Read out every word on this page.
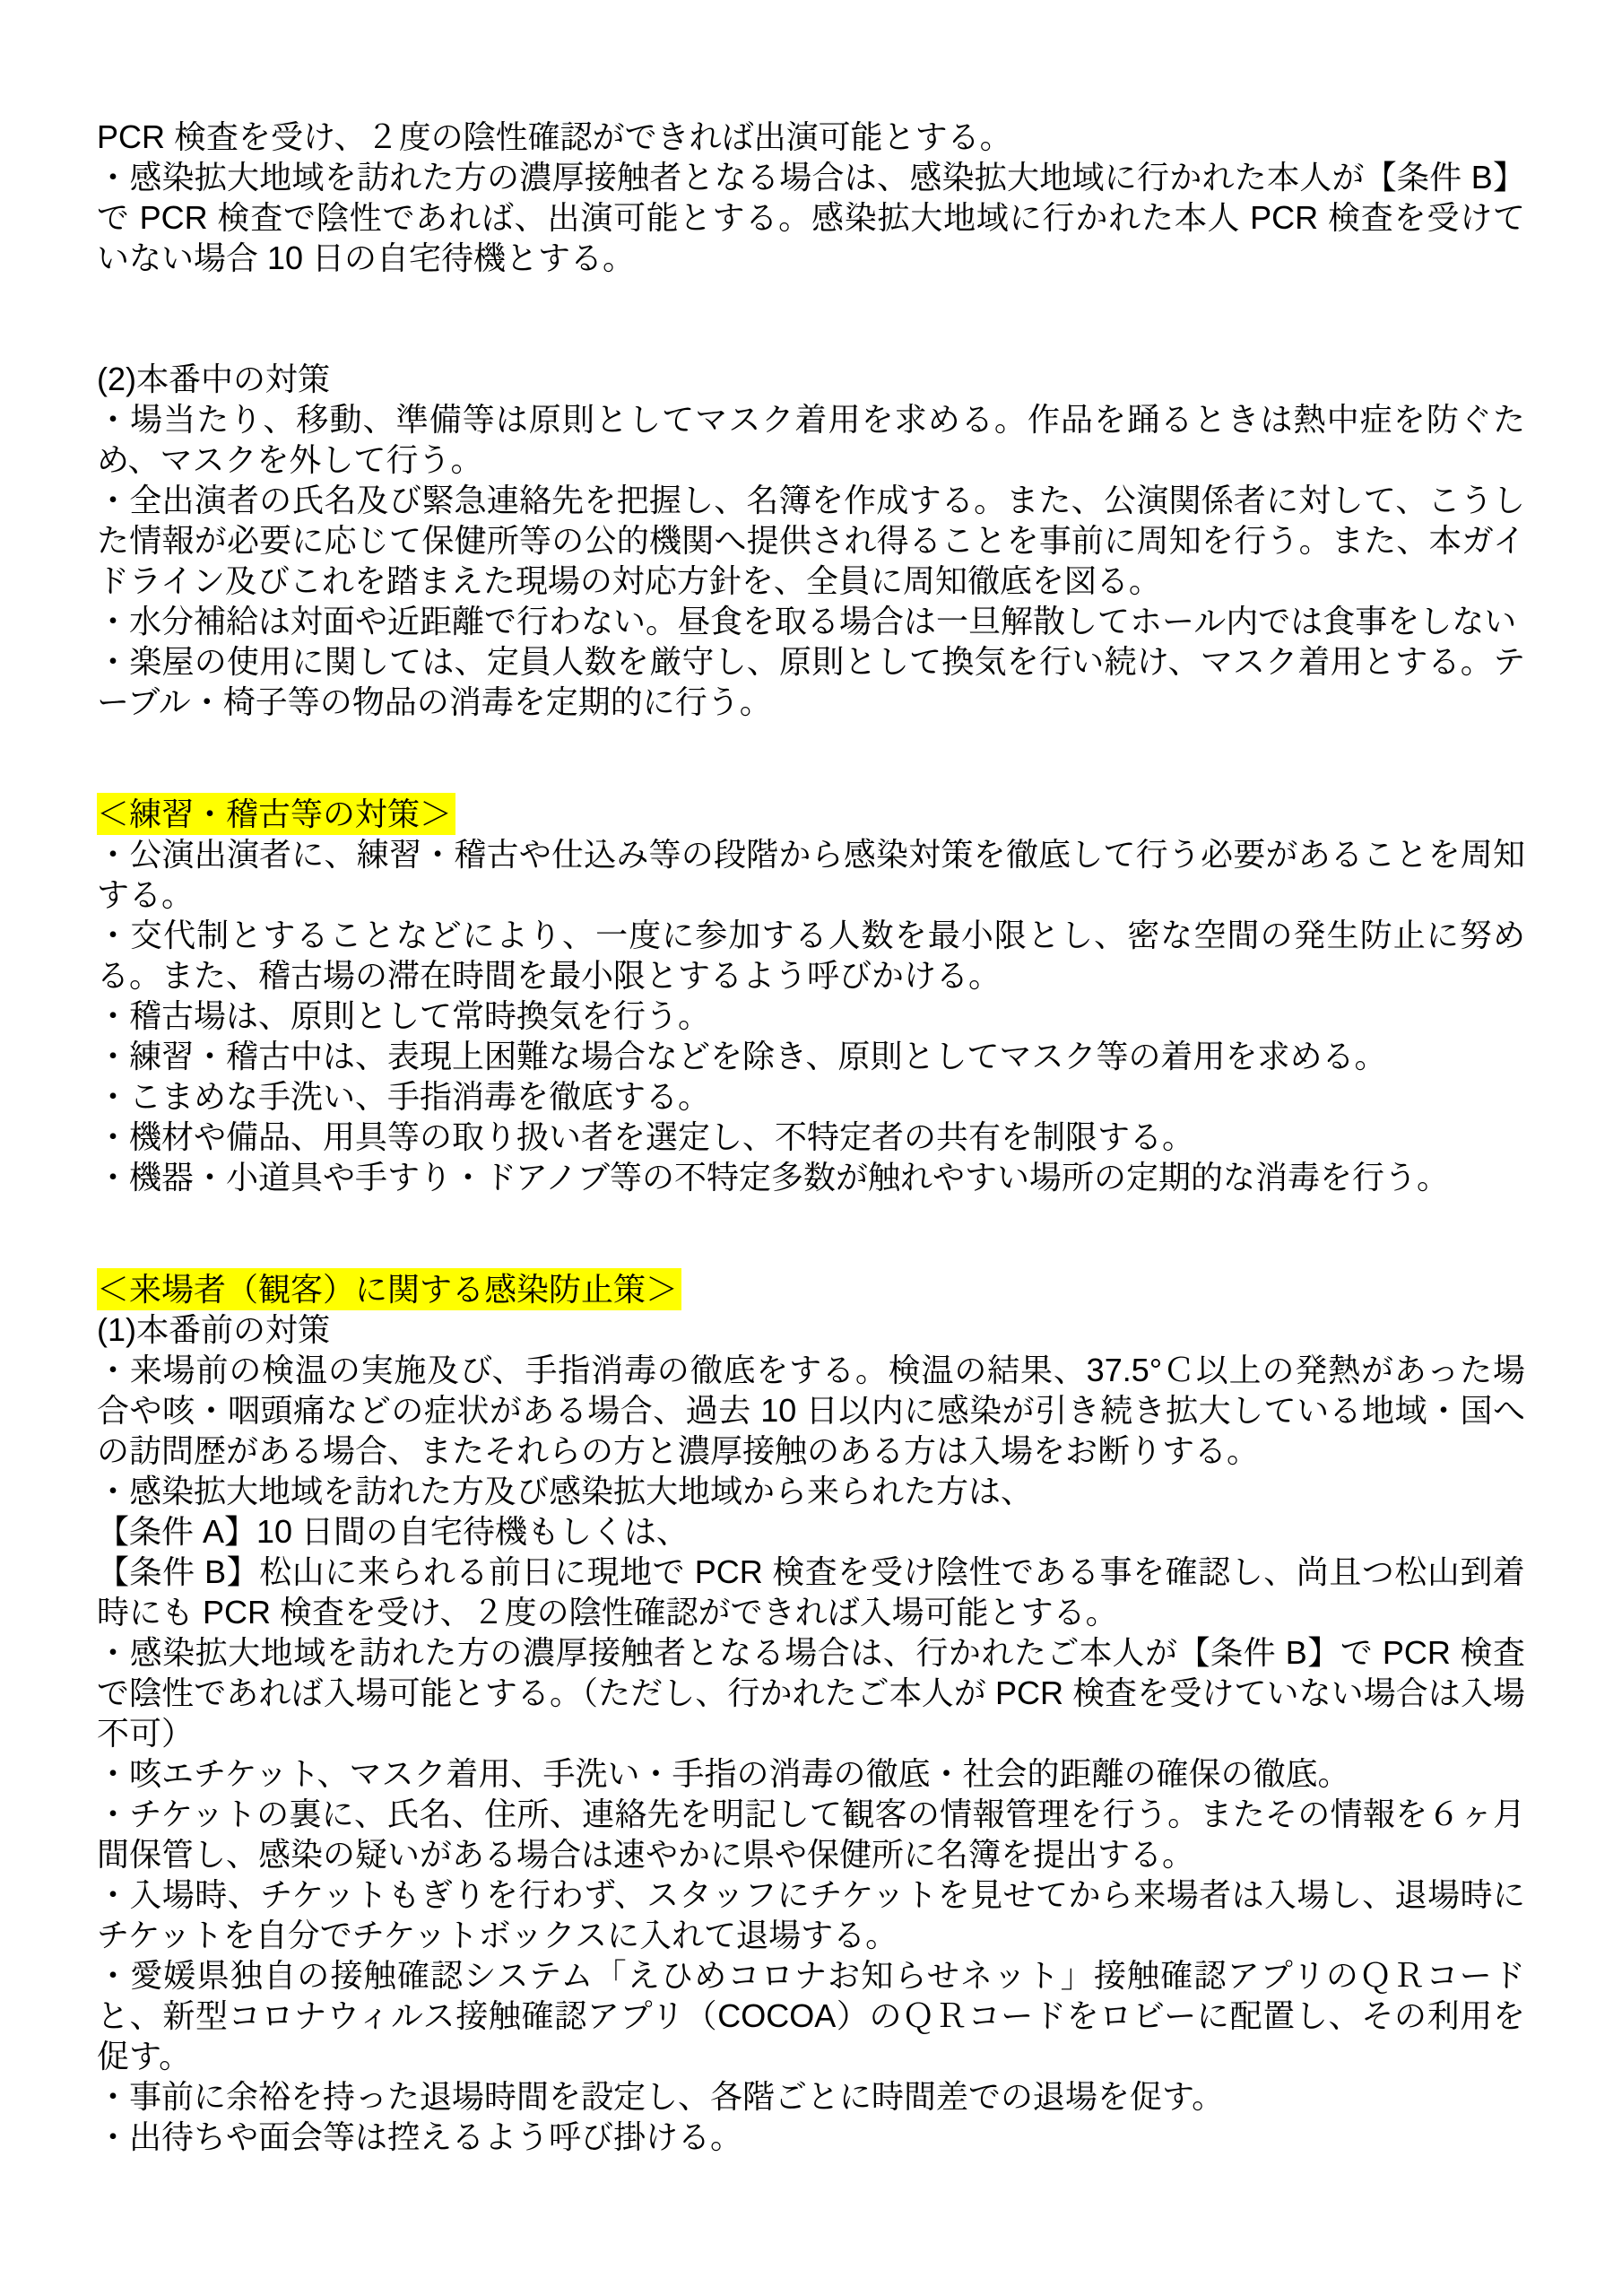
PCR 検査を受け、２度の陰性確認ができれば出演可能とする。

・感染拡大地域を訪れた方の濃厚接触者となる場合は、感染拡大地域に行かれた本人が【条件 B】で PCR 検査で陰性であれば、出演可能とする。感染拡大地域に行かれた本人 PCR 検査を受けていない場合 10 日の自宅待機とする。

(2)本番中の対策

・場当たり、移動、準備等は原則としてマスク着用を求める。作品を踊るときは熱中症を防ぐため、マスクを外して行う。

・全出演者の氏名及び緊急連絡先を把握し、名簿を作成する。また、公演関係者に対して、こうした情報が必要に応じて保健所等の公的機関へ提供され得ることを事前に周知を行う。また、本ガイドライン及びこれを踏まえた現場の対応方針を、全員に周知徹底を図る。

・水分補給は対面や近距離で行わない。昼食を取る場合は一旦解散してホール内では食事をしない

・楽屋の使用に関しては、定員人数を厳守し、原則として換気を行い続け、マスク着用とする。テーブル・椅子等の物品の消毒を定期的に行う。

＜練習・稽古等の対策＞

・公演出演者に、練習・稽古や仕込み等の段階から感染対策を徹底して行う必要があることを周知する。

・交代制とすることなどにより、一度に参加する人数を最小限とし、密な空間の発生防止に努める。また、稽古場の滞在時間を最小限とするよう呼びかける。

・稽古場は、原則として常時換気を行う。

・練習・稽古中は、表現上困難な場合などを除き、原則としてマスク等の着用を求める。

・こまめな手洗い、手指消毒を徹底する。

・機材や備品、用具等の取り扱い者を選定し、不特定者の共有を制限する。

・機器・小道具や手すり・ドアノブ等の不特定多数が触れやすい場所の定期的な消毒を行う。

＜来場者（観客）に関する感染防止策＞

(1)本番前の対策

・来場前の検温の実施及び、手指消毒の徹底をする。検温の結果、37.5°Ｃ以上の発熱があった場合や咳・咽頭痛などの症状がある場合、過去 10 日以内に感染が引き続き拡大している地域・国への訪問歴がある場合、またそれらの方と濃厚接触のある方は入場をお断りする。

・感染拡大地域を訪れた方及び感染拡大地域から来られた方は、

【条件 A】10 日間の自宅待機もしくは、

【条件 B】松山に来られる前日に現地で PCR 検査を受け陰性である事を確認し、尚且つ松山到着時にも PCR 検査を受け、２度の陰性確認ができれば入場可能とする。

・感染拡大地域を訪れた方の濃厚接触者となる場合は、行かれたご本人が【条件 B】で PCR 検査で陰性であれば入場可能とする。（ただし、行かれたご本人が PCR 検査を受けていない場合は入場不可）

・咳エチケット、マスク着用、手洗い・手指の消毒の徹底・社会的距離の確保の徹底。

・チケットの裏に、氏名、住所、連絡先を明記して観客の情報管理を行う。またその情報を６ヶ月間保管し、感染の疑いがある場合は速やかに県や保健所に名簿を提出する。

・入場時、チケットもぎりを行わず、スタッフにチケットを見せてから来場者は入場し、退場時にチケットを自分でチケットボックスに入れて退場する。

・愛媛県独自の接触確認システム「えひめコロナお知らせネット」接触確認アプリのＱＲコードと、新型コロナウィルス接触確認アプリ（COCOA）のＱＲコードをロビーに配置し、その利用を促す。

・事前に余裕を持った退場時間を設定し、各階ごとに時間差での退場を促す。

・出待ちや面会等は控えるよう呼び掛ける。
